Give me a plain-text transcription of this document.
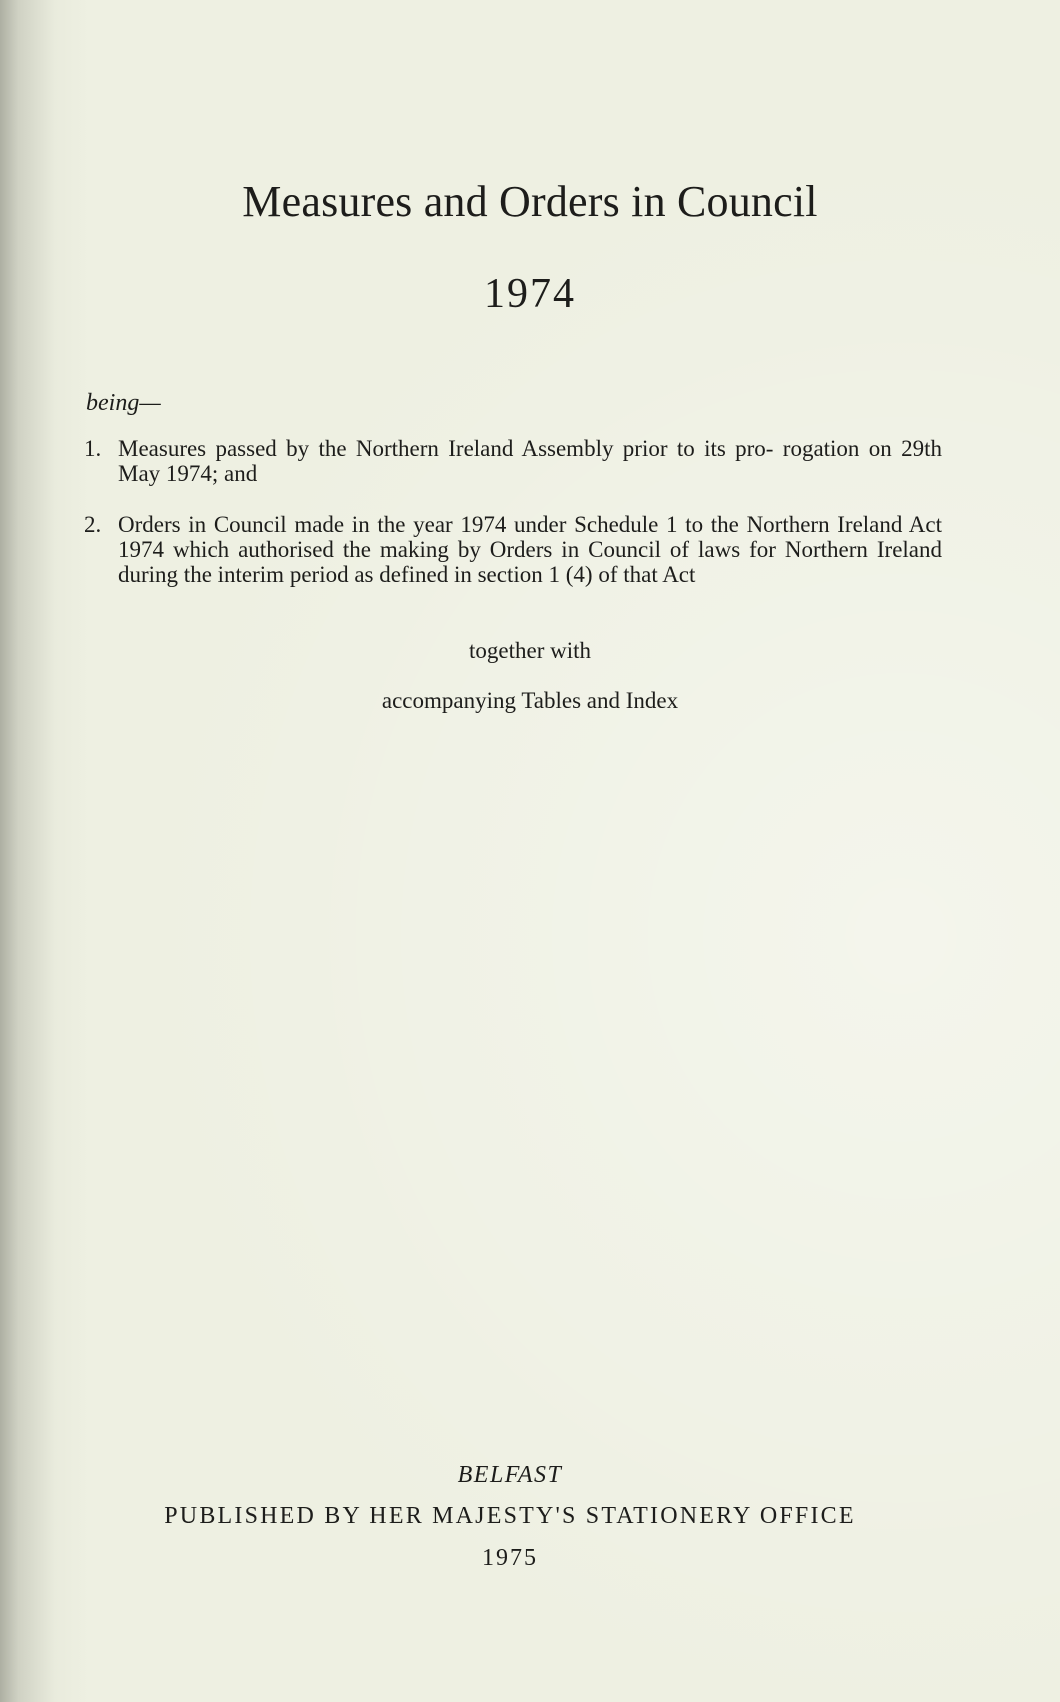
Measures and Orders in Council
1974
being—
1. Measures passed by the Northern Ireland Assembly prior to its pro- rogation on 29th May 1974; and
2. Orders in Council made in the year 1974 under Schedule 1 to the Northern Ireland Act 1974 which authorised the making by Orders in Council of laws for Northern Ireland during the interim period as defined in section 1 (4) of that Act
together with
accompanying Tables and Index
BELFAST
PUBLISHED BY HER MAJESTY'S STATIONERY OFFICE
1975
